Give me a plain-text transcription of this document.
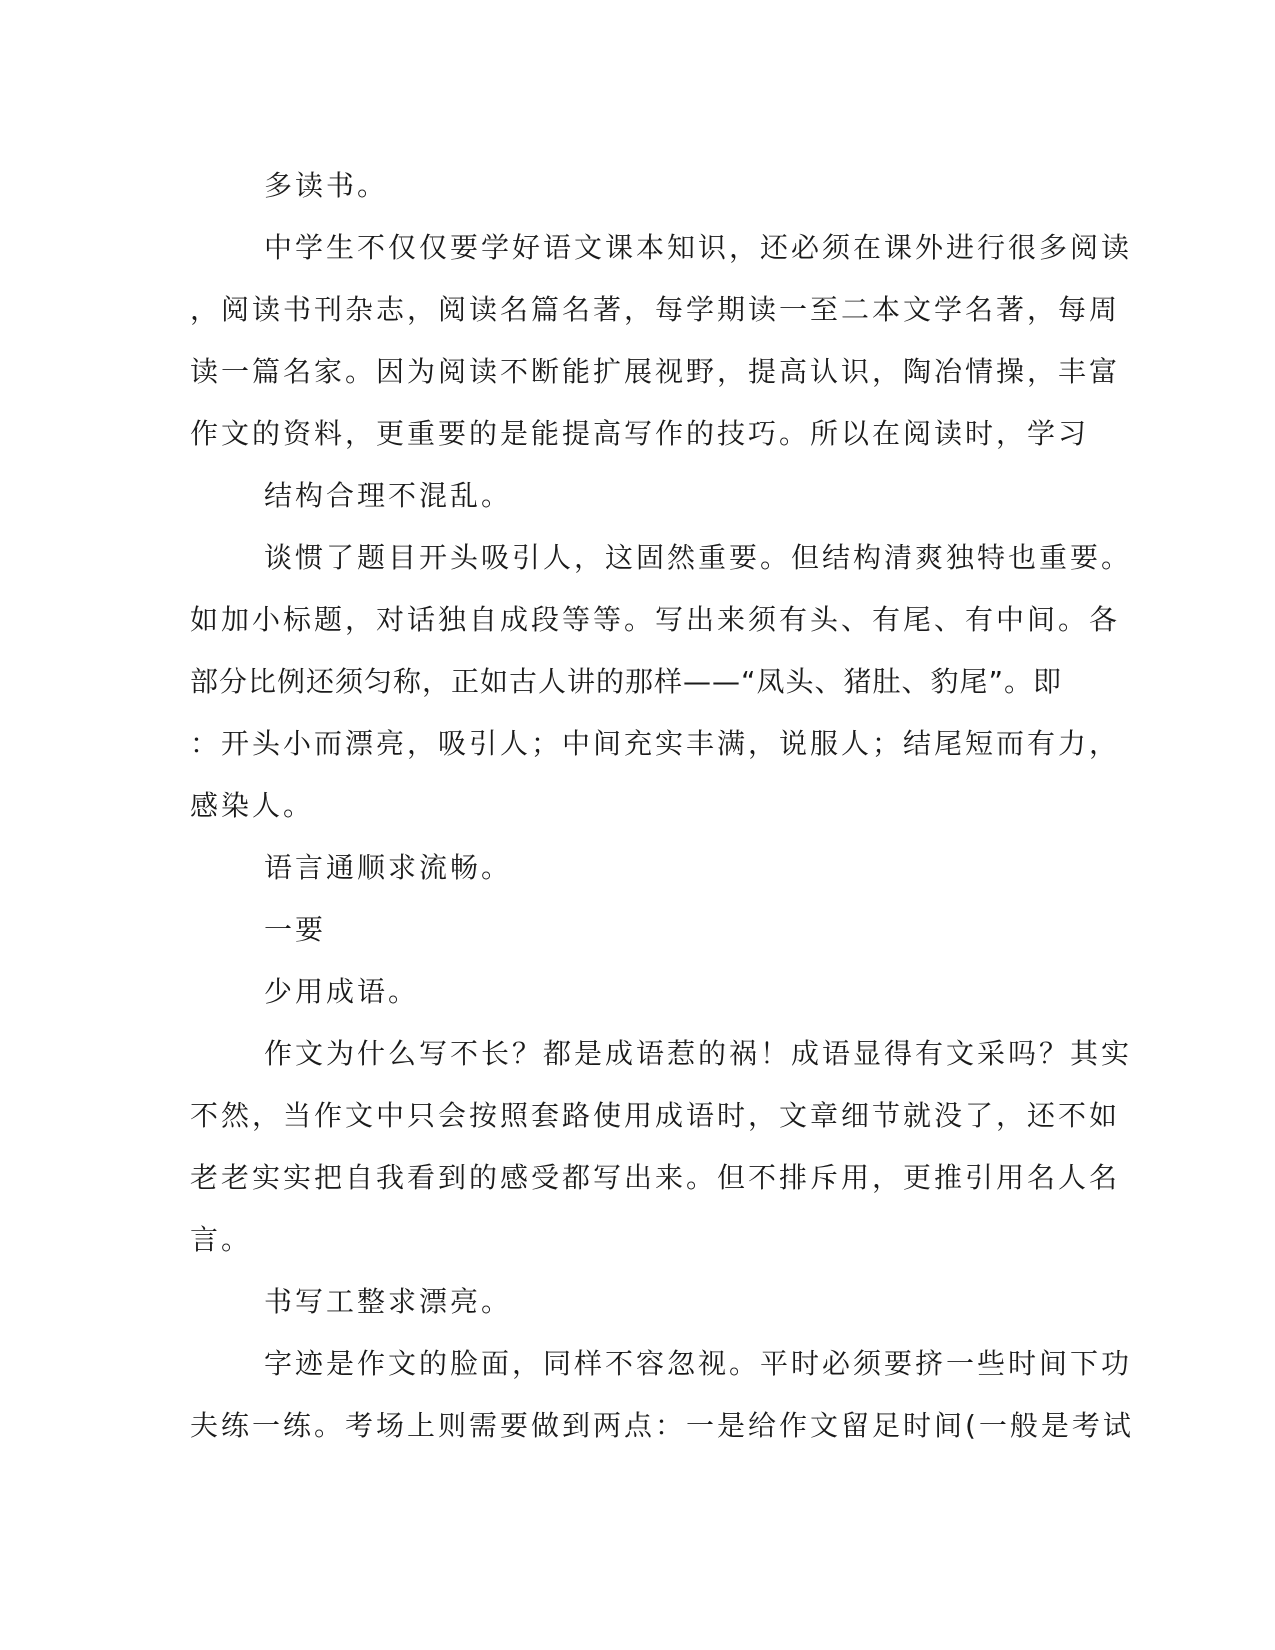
多读书。

中学生不仅仅要学好语文课本知识，还必须在课外进行很多阅读
，阅读书刊杂志，阅读名篇名著，每学期读一至二本文学名著，每周
读一篇名家。因为阅读不断能扩展视野，提高认识，陶冶情操，丰富
作文的资料，更重要的是能提高写作的技巧。所以在阅读时，学习

结构合理不混乱。

谈惯了题目开头吸引人，这固然重要。但结构清爽独特也重要。
如加小标题，对话独自成段等等。写出来须有头、有尾、有中间。各
部分比例还须匀称，正如古人讲的那样——“凤头、猪肚、豹尾”。即
：开头小而漂亮，吸引人；中间充实丰满，说服人；结尾短而有力，
感染人。

语言通顺求流畅。

一要

少用成语。

作文为什么写不长？都是成语惹的祸！成语显得有文采吗？其实
不然，当作文中只会按照套路使用成语时，文章细节就没了，还不如
老老实实把自我看到的感受都写出来。但不排斥用，更推引用名人名
言。

书写工整求漂亮。

字迹是作文的脸面，同样不容忽视。平时必须要挤一些时间下功
夫练一练。考场上则需要做到两点：一是给作文留足时间(一般是考试
